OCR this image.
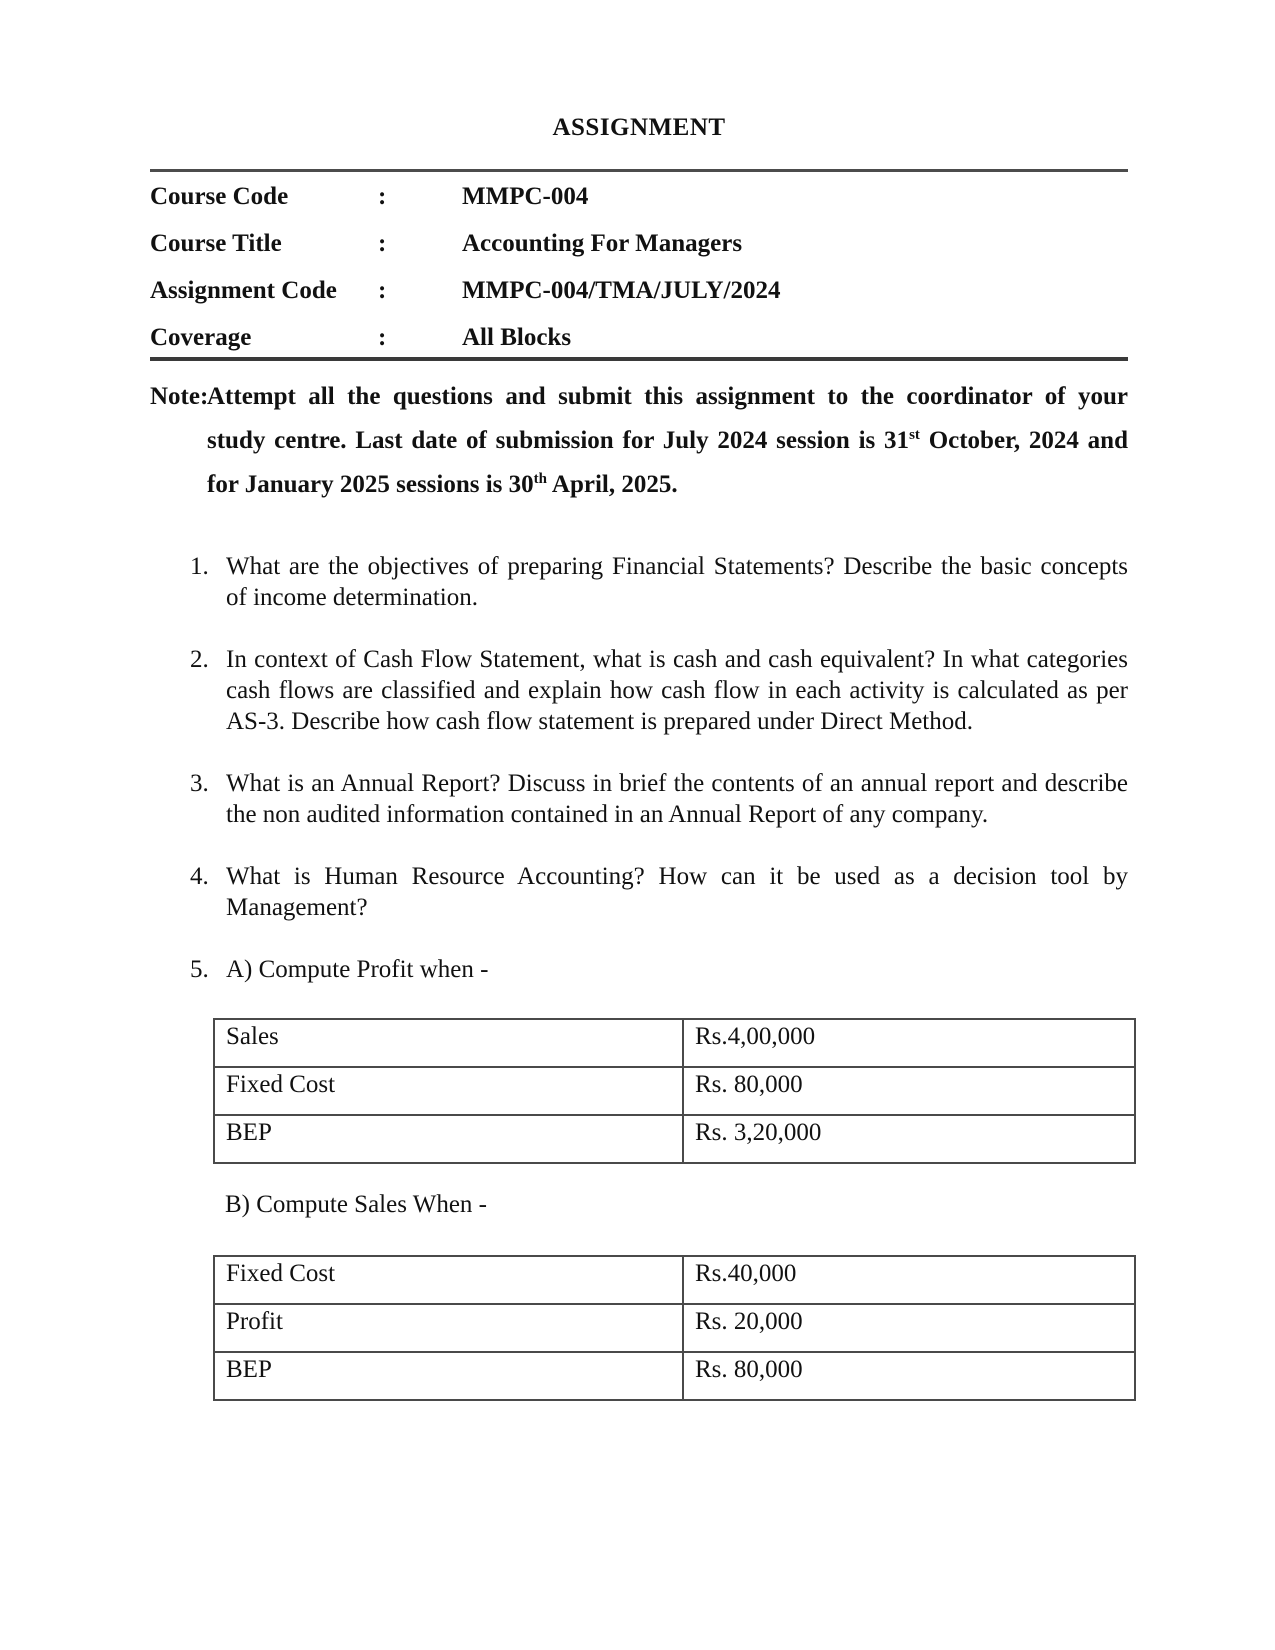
ASSIGNMENT
Course Code	:	MMPC-004
Course Title	:	Accounting For Managers
Assignment Code	:	MMPC-004/TMA/JULY/2024
Coverage	:	All Blocks
Note:
Attempt all the questions and submit this assignment to the coordinator of your
study centre. Last date of submission for July 2024 session is 31st October, 2024 and
for January 2025 sessions is 30th April, 2025.
1. What are the objectives of preparing Financial Statements? Describe the basic concepts
of income determination.
2. In context of Cash Flow Statement, what is cash and cash equivalent? In what categories
cash flows are classified and explain how cash flow in each activity is calculated as per
AS-3. Describe how cash flow statement is prepared under Direct Method.
3. What is an Annual Report? Discuss in brief the contents of an annual report and describe
the non audited information contained in an Annual Report of any company.
4. What is Human Resource Accounting? How can it be used as a decision tool by
Management?
5. A) Compute Profit when -
Sales	Rs.4,00,000
Fixed Cost	Rs. 80,000
BEP	Rs. 3,20,000
B) Compute Sales When -
Fixed Cost	Rs.40,000
Profit	Rs. 20,000
BEP	Rs. 80,000
